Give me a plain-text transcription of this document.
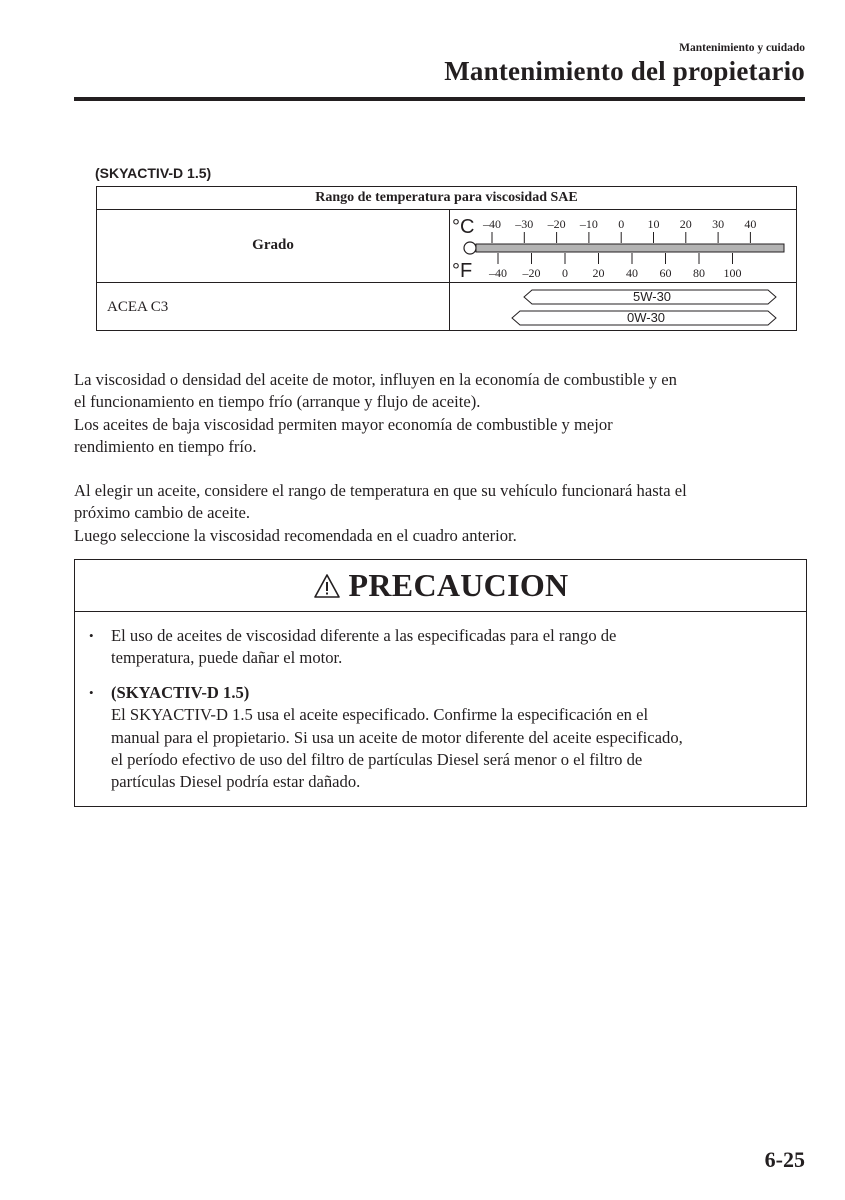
Mantenimiento y cuidado
Mantenimiento del propietario
(SKYACTIV-D 1.5)
Rango de temperatura para viscosidad SAE
Grado
ACEA C3
°C
°F
–40 –30 –20 –10 0 10 20 30 40
–40 –20 0 20 40 60 80 100
5W-30
0W-30

La viscosidad o densidad del aceite de motor, influyen en la economía de combustible y en
el funcionamiento en tiempo frío (arranque y flujo de aceite).
Los aceites de baja viscosidad permiten mayor economía de combustible y mejor
rendimiento en tiempo frío.

Al elegir un aceite, considere el rango de temperatura en que su vehículo funcionará hasta el
próximo cambio de aceite.
Luego seleccione la viscosidad recomendada en el cuadro anterior.

PRECAUCION
• El uso de aceites de viscosidad diferente a las especificadas para el rango de
temperatura, puede dañar el motor.
• (SKYACTIV-D 1.5)
El SKYACTIV-D 1.5 usa el aceite especificado. Confirme la especificación en el
manual para el propietario. Si usa un aceite de motor diferente del aceite especificado,
el período efectivo de uso del filtro de partículas Diesel será menor o el filtro de
partículas Diesel podría estar dañado.
6-25
